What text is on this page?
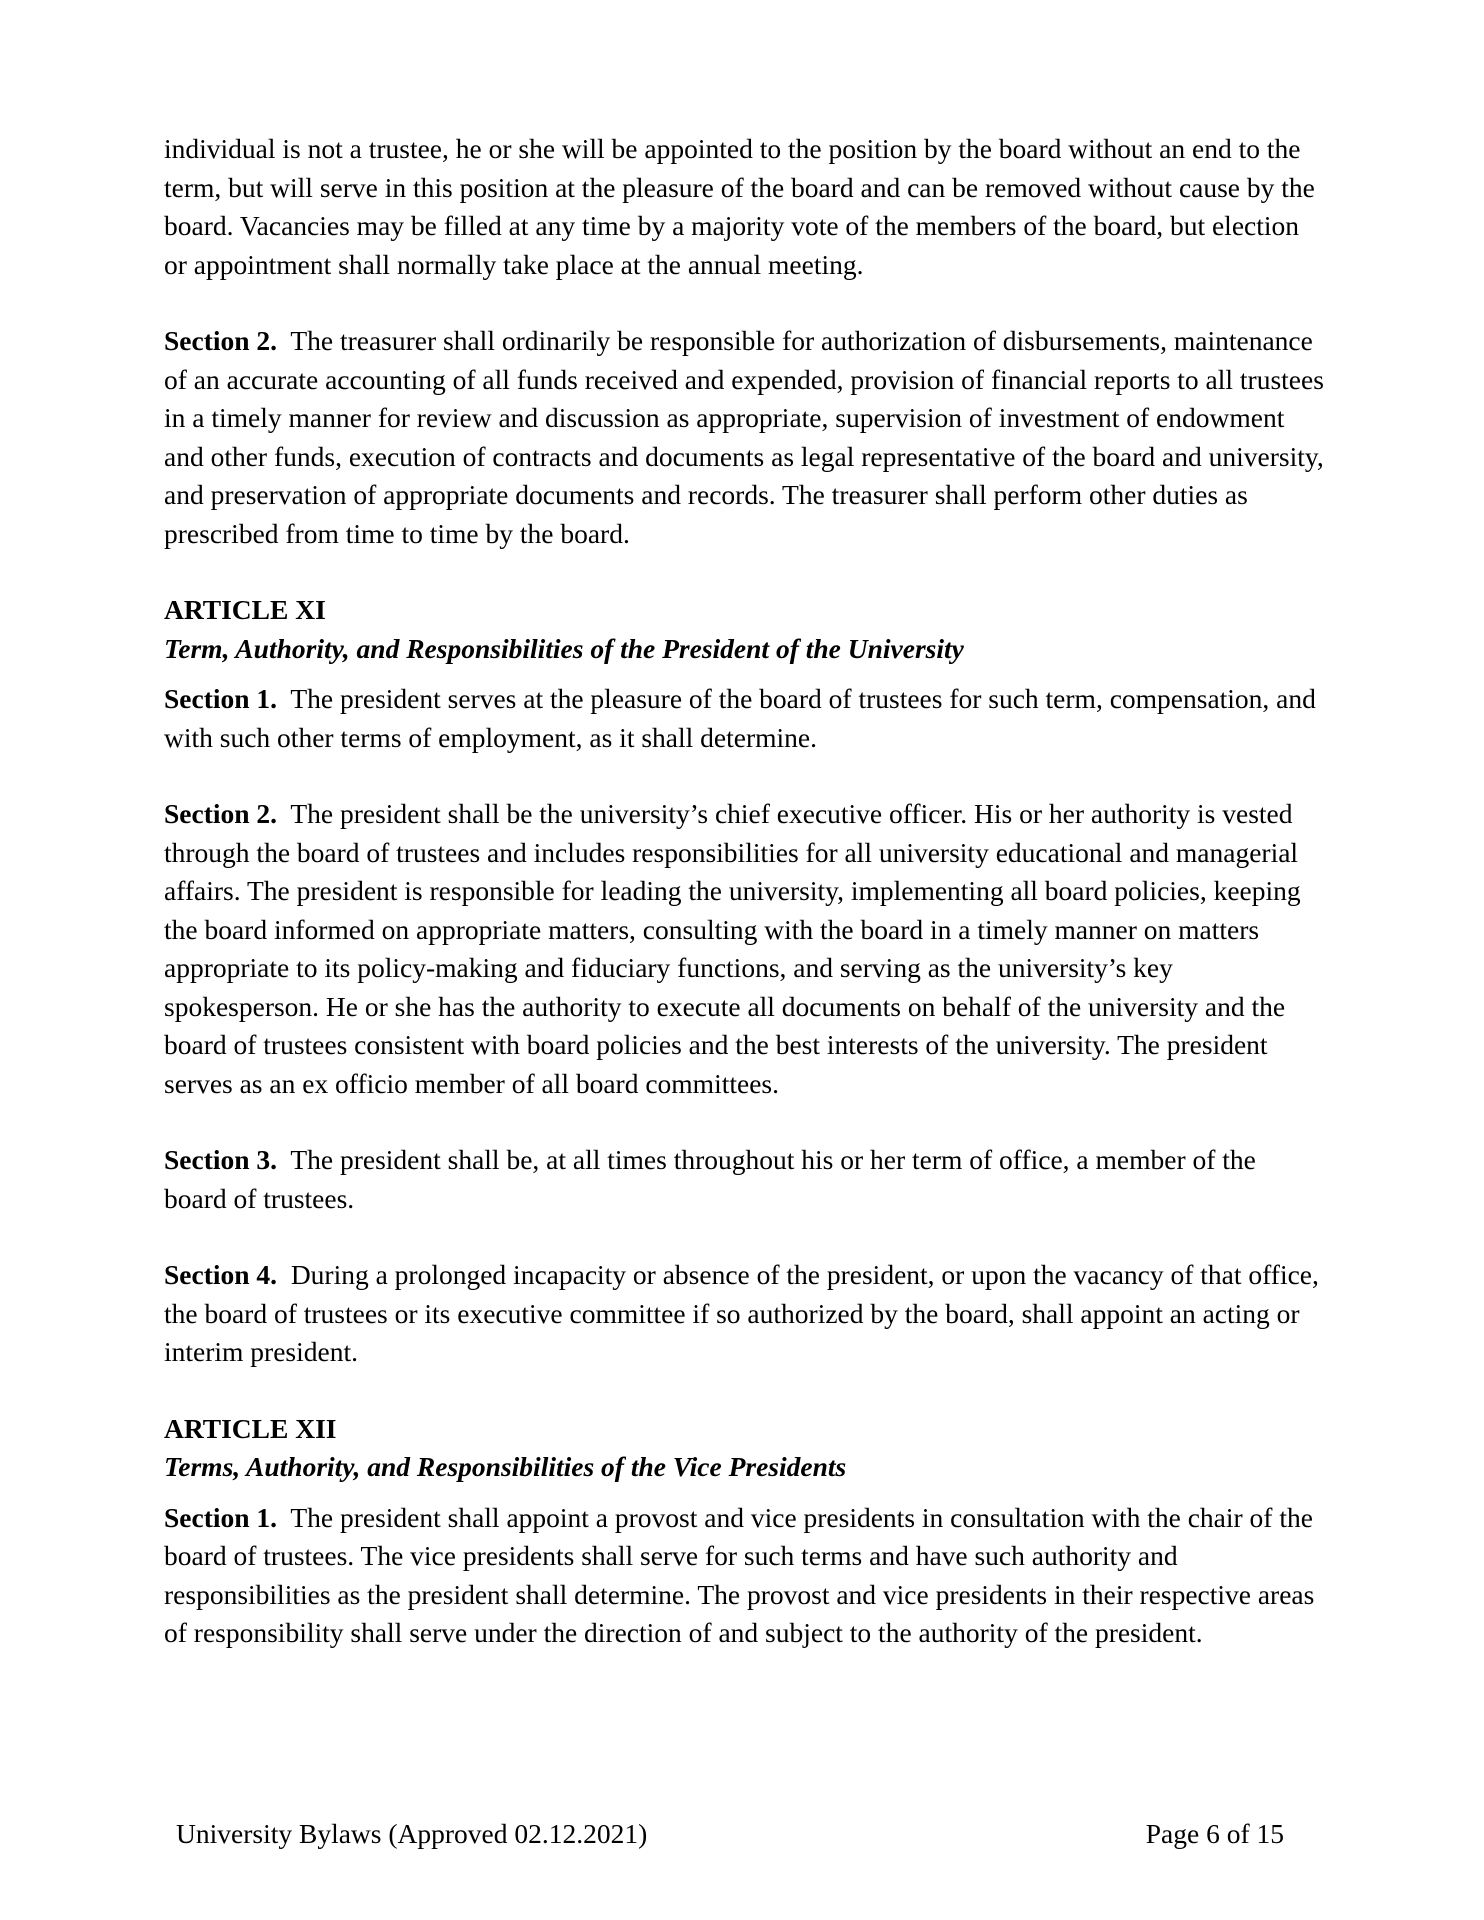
individual is not a trustee, he or she will be appointed to the position by the board without an end to the term, but will serve in this position at the pleasure of the board and can be removed without cause by the board. Vacancies may be filled at any time by a majority vote of the members of the board, but election or appointment shall normally take place at the annual meeting.

Section 2. The treasurer shall ordinarily be responsible for authorization of disbursements, maintenance of an accurate accounting of all funds received and expended, provision of financial reports to all trustees in a timely manner for review and discussion as appropriate, supervision of investment of endowment and other funds, execution of contracts and documents as legal representative of the board and university, and preservation of appropriate documents and records. The treasurer shall perform other duties as prescribed from time to time by the board.

ARTICLE XI
Term, Authority, and Responsibilities of the President of the University

Section 1. The president serves at the pleasure of the board of trustees for such term, compensation, and with such other terms of employment, as it shall determine.

Section 2. The president shall be the university’s chief executive officer. His or her authority is vested through the board of trustees and includes responsibilities for all university educational and managerial affairs. The president is responsible for leading the university, implementing all board policies, keeping the board informed on appropriate matters, consulting with the board in a timely manner on matters appropriate to its policy-making and fiduciary functions, and serving as the university’s key spokesperson. He or she has the authority to execute all documents on behalf of the university and the board of trustees consistent with board policies and the best interests of the university. The president serves as an ex officio member of all board committees.

Section 3. The president shall be, at all times throughout his or her term of office, a member of the board of trustees.

Section 4. During a prolonged incapacity or absence of the president, or upon the vacancy of that office, the board of trustees or its executive committee if so authorized by the board, shall appoint an acting or interim president.

ARTICLE XII
Terms, Authority, and Responsibilities of the Vice Presidents

Section 1. The president shall appoint a provost and vice presidents in consultation with the chair of the board of trustees. The vice presidents shall serve for such terms and have such authority and responsibilities as the president shall determine. The provost and vice presidents in their respective areas of responsibility shall serve under the direction of and subject to the authority of the president.

University Bylaws (Approved 02.12.2021)	Page 6 of 15
